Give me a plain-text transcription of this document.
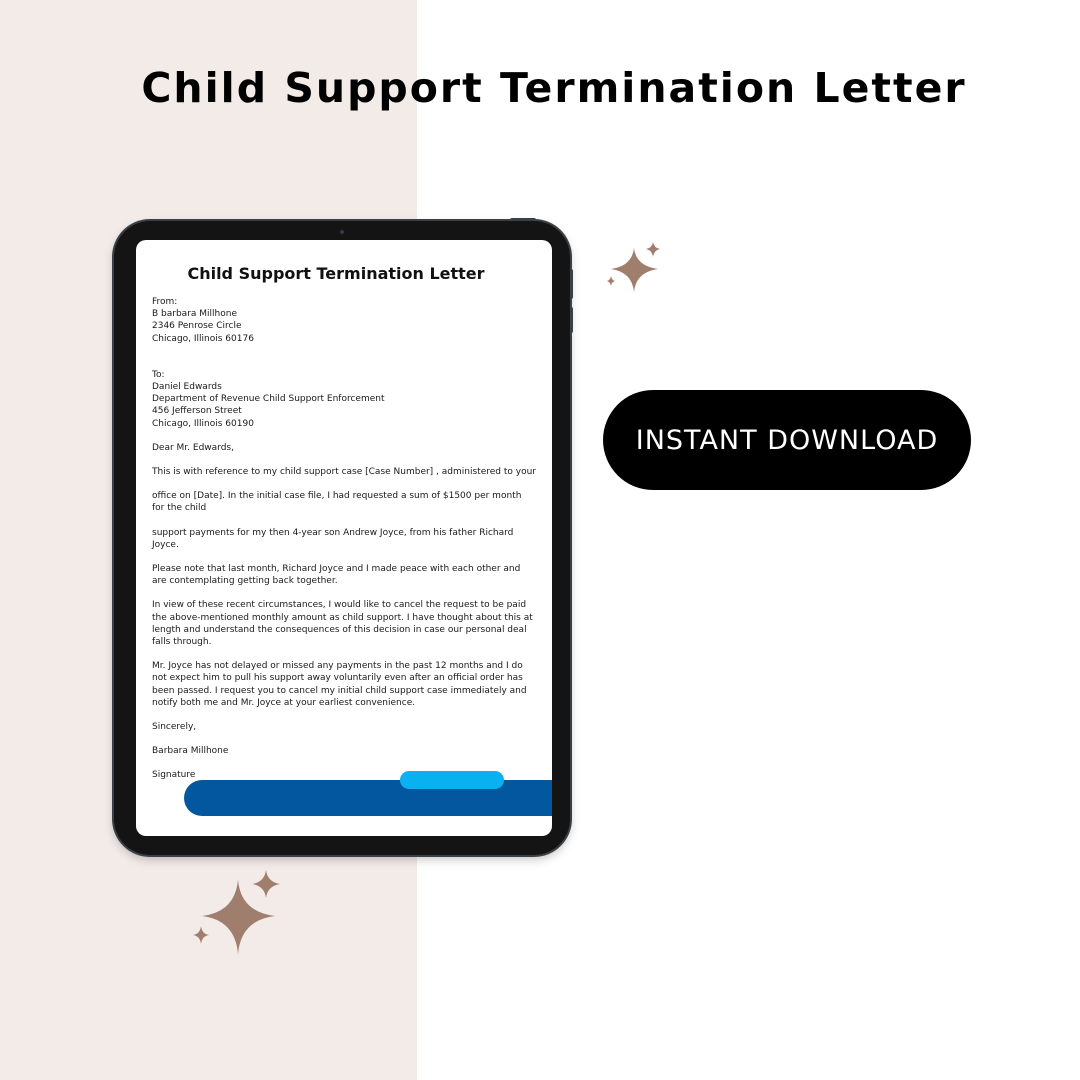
Child Support Termination Letter
Child Support Termination Letter

From:
B barbara Millhone
2346 Penrose Circle
Chicago, Illinois 60176

To:
Daniel Edwards
Department of Revenue Child Support Enforcement
456 Jefferson Street
Chicago, Illinois 60190

Dear Mr. Edwards,

This is with reference to my child support case [Case Number] , administered to your

office on [Date]. In the initial case file, I had requested a sum of $1500 per month for the child

support payments for my then 4-year son Andrew Joyce, from his father Richard Joyce.

Please note that last month, Richard Joyce and I made peace with each other and are contemplating getting back together.

In view of these recent circumstances, I would like to cancel the request to be paid the above-mentioned monthly amount as child support. I have thought about this at length and understand the consequences of this decision in case our personal deal falls through.

Mr. Joyce has not delayed or missed any payments in the past 12 months and I do not expect him to pull his support away voluntarily even after an official order has been passed. I request you to cancel my initial child support case immediately and notify both me and Mr. Joyce at your earliest convenience.

Sincerely,

Barbara Millhone

Signature

INSTANT DOWNLOAD
